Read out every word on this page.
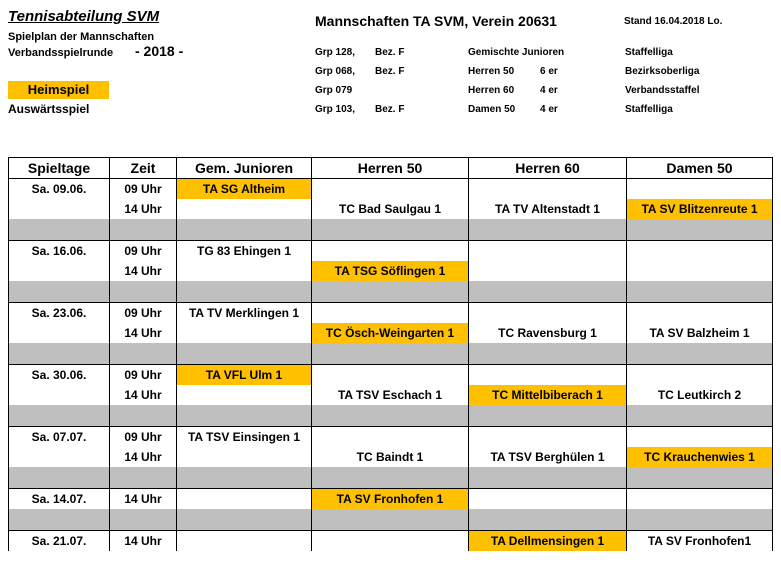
Tennisabteilung SVM
Spielplan der Mannschaften
Verbandsspielrunde - 2018 -
Heimspiel
Auswärtsspiel
Mannschaften TA SVM, Verein 20631	Stand 16.04.2018 Lo.
Grp 128, Bez. F	Gemischte Junioren	Staffelliga
Grp 068, Bez. F	Herren 50	6 er	Bezirksoberliga
Grp 079	Herren 60	4 er	Verbandsstaffel
Grp 103, Bez. F	Damen 50 4 er	Staffelliga
Spieltage	Zeit	Gem. Junioren	Herren 50	Herren 60	Damen 50
Sa. 09.06.	09 Uhr	TA SG Altheim			
	14 Uhr		TC Bad Saulgau 1	TA TV Altenstadt 1	TA SV Blitzenreute 1

Sa. 16.06.	09 Uhr	TG 83 Ehingen 1			
	14 Uhr		TA TSG Söflingen 1		

Sa. 23.06.	09 Uhr	TA TV Merklingen 1			
	14 Uhr		TC Ösch-Weingarten 1	TC Ravensburg 1	TA SV Balzheim 1

Sa. 30.06.	09 Uhr	TA VFL Ulm 1			
	14 Uhr		TA TSV Eschach 1	TC Mittelbiberach 1	TC Leutkirch 2

Sa. 07.07.	09 Uhr	TA TSV Einsingen 1			
	14 Uhr		TC Baindt 1	TA TSV Berghülen 1	TC Krauchenwies 1

Sa. 14.07.	14 Uhr		TA SV Fronhofen 1		

Sa. 21.07.	14 Uhr			TA Dellmensingen 1	TA SV Fronhofen1
